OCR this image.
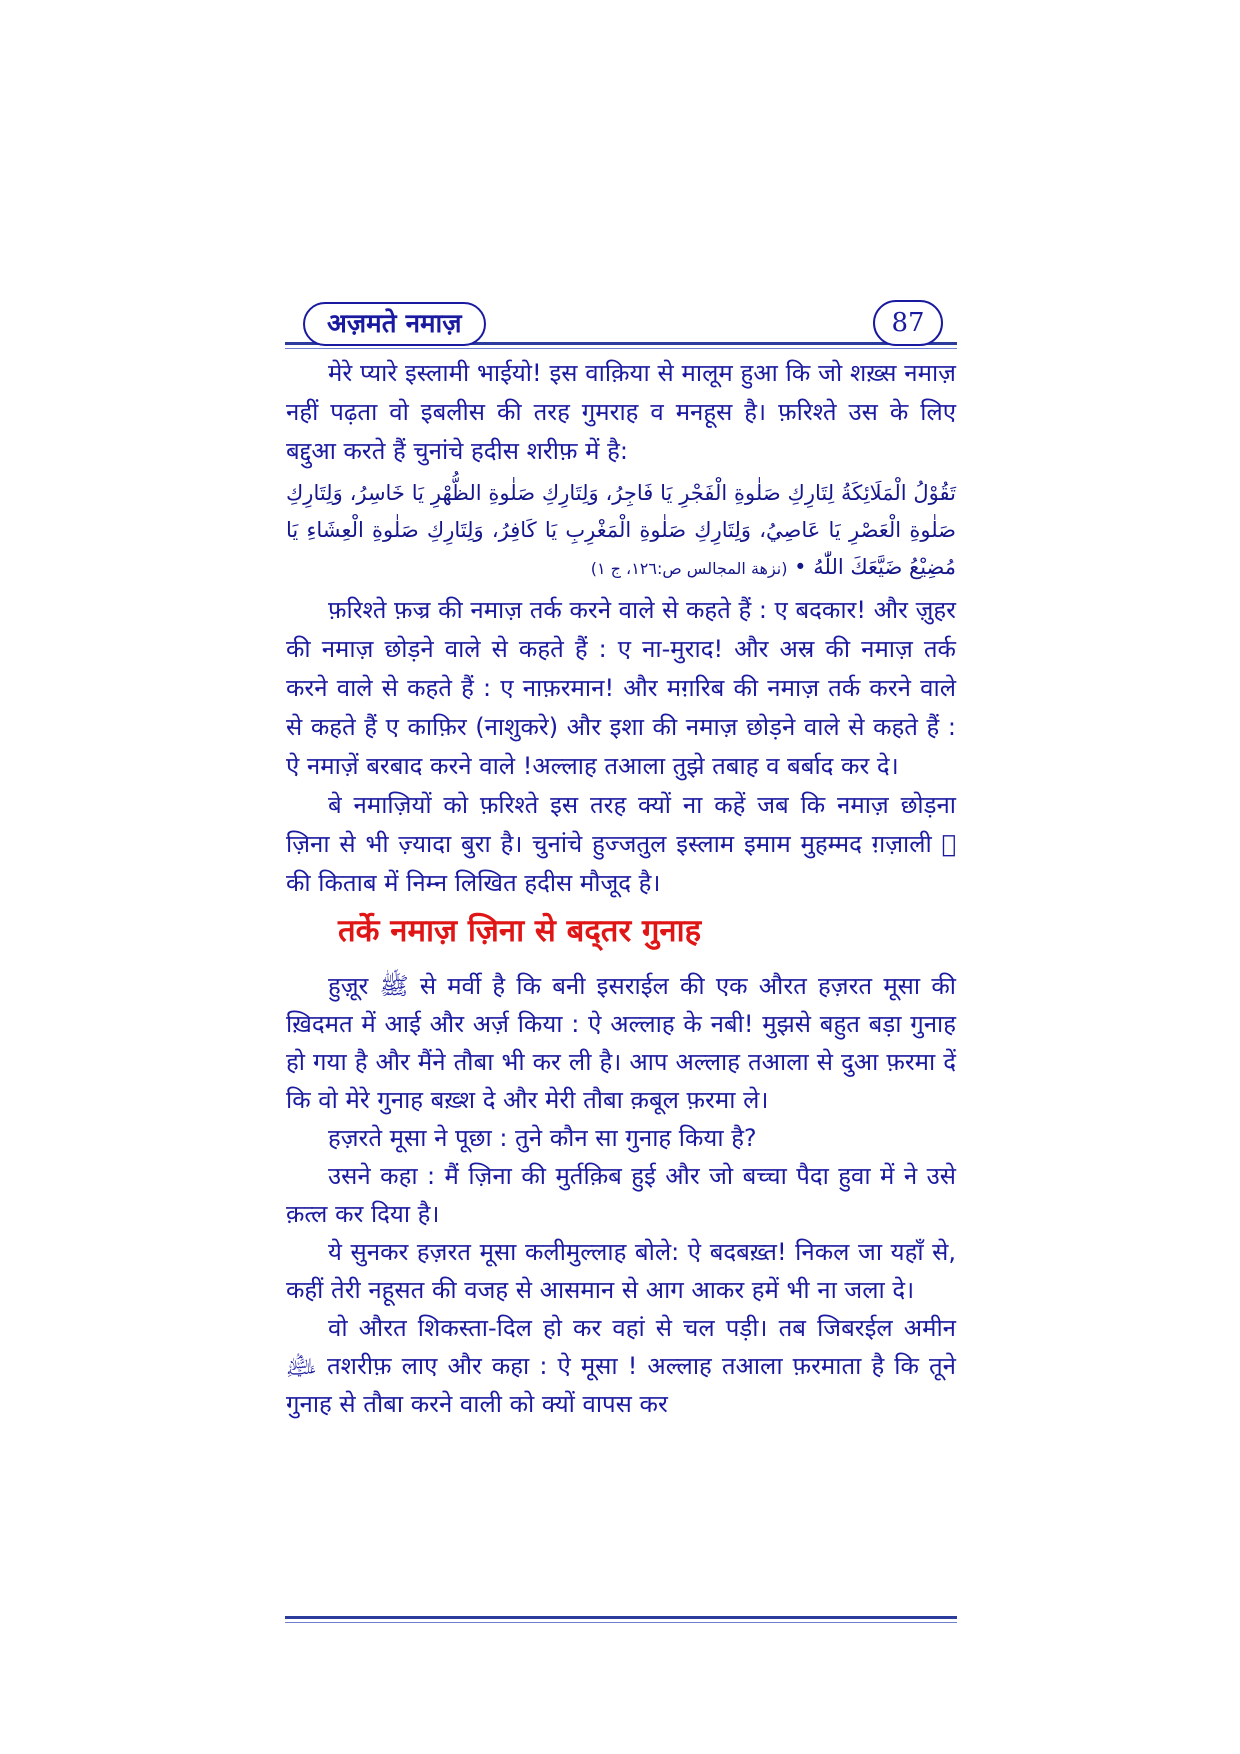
अज़मते नमाज़	87

मेरे प्यारे इस्लामी भाईयो! इस वाक़िया से मालूम हुआ कि जो शख़्स नमाज़ नहीं पढ़ता वो इबलीस की तरह गुमराह व मनहूस है। फ़रिश्ते उस के लिए बद्दुआ करते हैं चुनांचे हदीस शरीफ़ में है:

تَقُوْلُ الْمَلَائِكَةُ لِتَارِكِ صَلٰوةِ الْفَجْرِ يَا فَاجِرُ، وَلِتَارِكِ صَلٰوةِ الظُّهْرِ يَا خَاسِرُ، وَلِتَارِكِ صَلٰوةِ الْعَصْرِ يَا عَاصِيُ، وَلِتَارِكِ صَلٰوةِ الْمَغْرِبِ يَا كَافِرُ، وَلِتَارِكِ صَلٰوةِ الْعِشَاءِ يَا مُضِيْعُ ضَيَّعَكَ اللّٰهُ • (نزهة المجالس ص:١٢٦، ج ١)

फ़रिश्ते फ़ज्र की नमाज़ तर्क करने वाले से कहते हैं : ए बदकार! और ज़ुहर की नमाज़ छोड़ने वाले से कहते हैं : ए ना-मुराद! और अस्र की नमाज़ तर्क करने वाले से कहते हैं : ए नाफ़रमान! और मग़रिब की नमाज़ तर्क करने वाले से कहते हैं ए काफ़िर (नाशुकरे) और इशा की नमाज़ छोड़ने वाले से कहते हैं : ऐ नमाज़ें बरबाद करने वाले !अल्लाह तआला तुझे तबाह व बर्बाद कर दे।

बे नमाज़ियों को फ़रिश्ते इस तरह क्यों ना कहें जब कि नमाज़ छोड़ना ज़िना से भी ज़्यादा बुरा है। चुनांचे हुज्जतुल इस्लाम इमाम मुहम्मद ग़ज़ाली ﷫ की किताब में निम्न लिखित हदीस मौजूद है।

तर्के नमाज़ ज़िना से बद्तर गुनाह

हुज़ूर ﷺ से मर्वी है कि बनी इसराईल की एक औरत हज़रत मूसा की ख़िदमत में आई और अर्ज़ किया : ऐ अल्लाह के नबी! मुझसे बहुत बड़ा गुनाह हो गया है और मैंने तौबा भी कर ली है। आप अल्लाह तआला से दुआ फ़रमा दें कि वो मेरे गुनाह बख़्श दे और मेरी तौबा क़बूल फ़रमा ले।

हज़रते मूसा ने पूछा : तुने कौन सा गुनाह किया है?

उसने कहा : मैं ज़िना की मुर्तक़िब हुई और जो बच्चा पैदा हुवा में ने उसे क़त्ल कर दिया है।

ये सुनकर हज़रत मूसा कलीमुल्लाह बोले: ऐ बदबख़्त! निकल जा यहाँ से, कहीं तेरी नहूसत की वजह से आसमान से आग आकर हमें भी ना जला दे।

वो औरत शिकस्ता-दिल हो कर वहां से चल पड़ी। तब जिबरईल अमीन ﵇ तशरीफ़ लाए और कहा : ऐ मूसा ! अल्लाह तआला फ़रमाता है कि तूने गुनाह से तौबा करने वाली को क्यों वापस कर
